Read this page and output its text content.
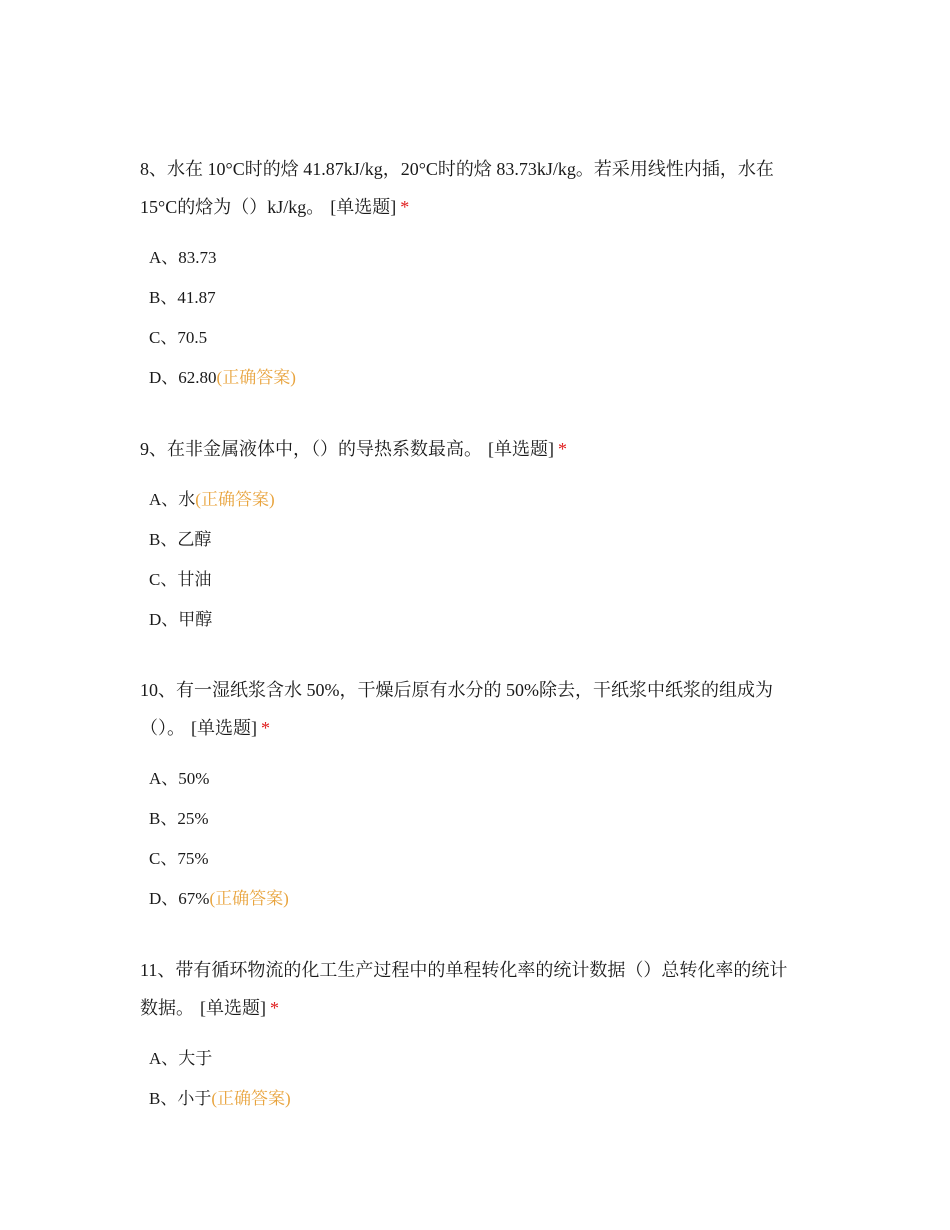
8、水在 10°C时的焓 41.87kJ/kg，20°C时的焓 83.73kJ/kg。若采用线性内插，水在
15°C的焓为（）kJ/kg。 [单选题] *

A、83.73
B、41.87
C、70.5
D、62.80(正确答案)

9、在非金属液体中，（）的导热系数最高。 [单选题] *

A、水(正确答案)
B、乙醇
C、甘油
D、甲醇

10、有一湿纸浆含水 50%，干燥后原有水分的 50%除去，干纸浆中纸浆的组成为
（）。 [单选题] *

A、50%
B、25%
C、75%
D、67%(正确答案)

11、带有循环物流的化工生产过程中的单程转化率的统计数据（）总转化率的统计
数据。 [单选题] *

A、大于
B、小于(正确答案)
